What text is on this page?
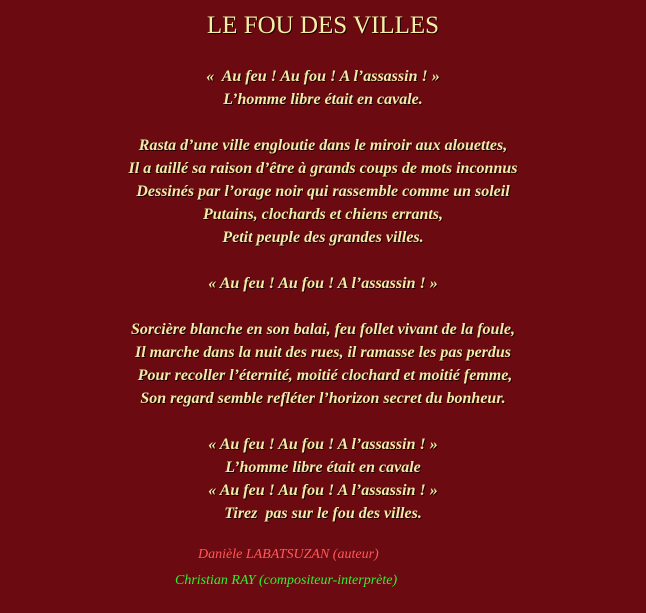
LE FOU DES VILLES
«  Au feu ! Au fou ! A l’assassin ! »
L’homme libre était en cavale.
Rasta d’une ville engloutie dans le miroir aux alouettes,
Il a taillé sa raison d’être à grands coups de mots inconnus
Dessinés par l’orage noir qui rassemble comme un soleil
Putains, clochards et chiens errants,
Petit peuple des grandes villes.
« Au feu ! Au fou ! A l’assassin ! »
Sorcière blanche en son balai, feu follet vivant de la foule,
Il marche dans la nuit des rues, il ramasse les pas perdus
Pour recoller l’éternité, moitié clochard et moitié femme,
Son regard semble refléter l’horizon secret du bonheur.
« Au feu ! Au fou ! A l’assassin ! »
L’homme libre était en cavale
« Au feu ! Au fou ! A l’assassin ! »
Tirez  pas sur le fou des villes.
Danièle LABATSUZAN (auteur)
Christian RAY (compositeur-interprète)
